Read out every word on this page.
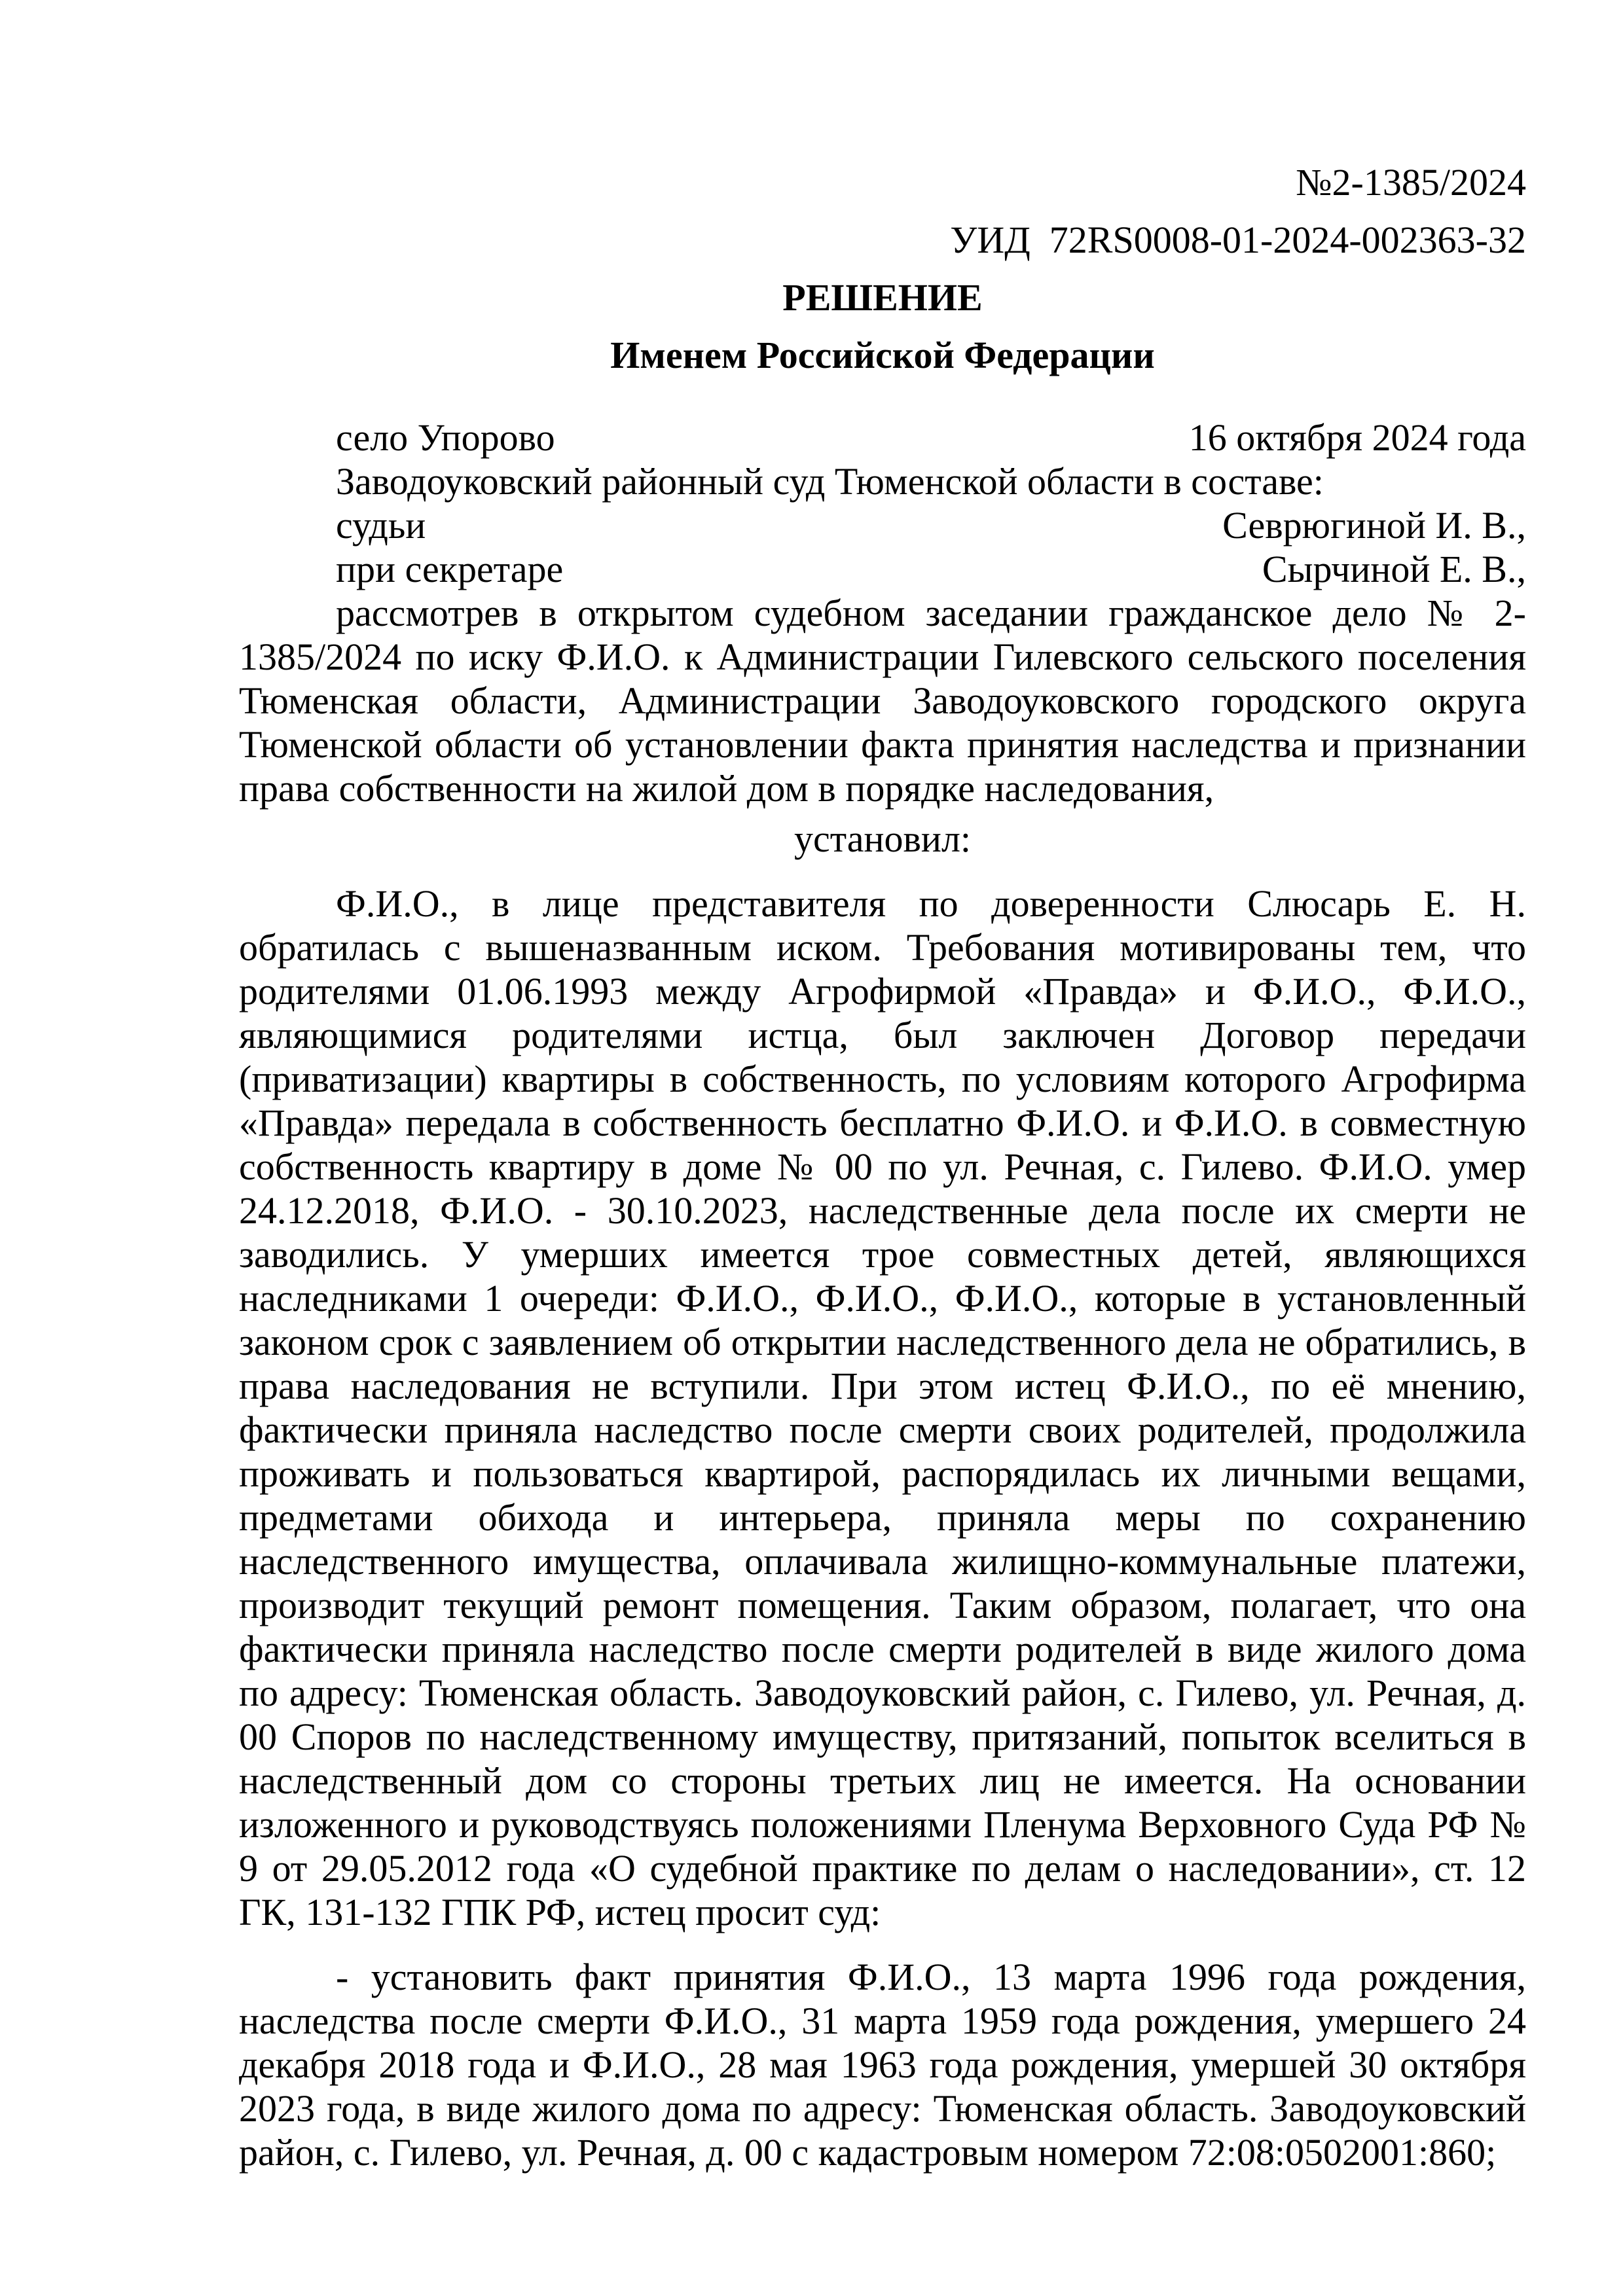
№2-1385/2024
УИД  72RS0008-01-2024-002363-32
РЕШЕНИЕ
Именем Российской Федерации
село Упорово	16 октября 2024 года

Заводоуковский районный суд Тюменской области в составе:

судьи	Севрюгиной И. В.,
при секретаре	Сырчиной Е. В.,

рассмотрев в открытом судебном заседании гражданское дело № 2-1385/2024 по иску Ф.И.О. к Администрации Гилевского сельского поселения Тюменская области, Администрации Заводоуковского городского округа Тюменской области об установлении факта принятия наследства и признании права собственности на жилой дом в порядке наследования,

установил:

Ф.И.О., в лице представителя по доверенности Слюсарь Е. Н. обратилась с вышеназванным иском. Требования мотивированы тем, что родителями 01.06.1993 между Агрофирмой «Правда» и Ф.И.О., Ф.И.О., являющимися родителями истца, был заключен Договор передачи (приватизации) квартиры в собственность, по условиям которого Агрофирма «Правда» передала в собственность бесплатно Ф.И.О. и Ф.И.О. в совместную собственность квартиру в доме № 00 по ул. Речная, с. Гилево. Ф.И.О. умер 24.12.2018, Ф.И.О. - 30.10.2023, наследственные дела после их смерти не заводились. У умерших имеется трое совместных детей, являющихся наследниками 1 очереди: Ф.И.О., Ф.И.О., Ф.И.О., которые в установленный законом срок с заявлением об открытии наследственного дела не обратились, в права наследования не вступили. При этом истец Ф.И.О., по её мнению, фактически приняла наследство после смерти своих родителей, продолжила проживать и пользоваться квартирой, распорядилась их личными вещами, предметами обихода и интерьера, приняла меры по сохранению наследственного имущества, оплачивала жилищно-коммунальные платежи, производит текущий ремонт помещения. Таким образом, полагает, что она фактически приняла наследство после смерти родителей в виде жилого дома по адресу: Тюменская область. Заводоуковский район, с. Гилево, ул. Речная, д. 00 Споров по наследственному имуществу, притязаний, попыток вселиться в наследственный дом со стороны третьих лиц не имеется. На основании изложенного и руководствуясь положениями Пленума Верховного Суда РФ № 9 от 29.05.2012 года «О судебной практике по делам о наследовании», ст. 12 ГК, 131-132 ГПК РФ, истец просит суд:

- установить факт принятия Ф.И.О., 13 марта 1996 года рождения, наследства после смерти Ф.И.О., 31 марта 1959 года рождения, умершего 24 декабря 2018 года и Ф.И.О., 28 мая 1963 года рождения, умершей 30 октября 2023 года, в виде жилого дома по адресу: Тюменская область. Заводоуковский район, с. Гилево, ул. Речная, д. 00 с кадастровым номером 72:08:0502001:860;
